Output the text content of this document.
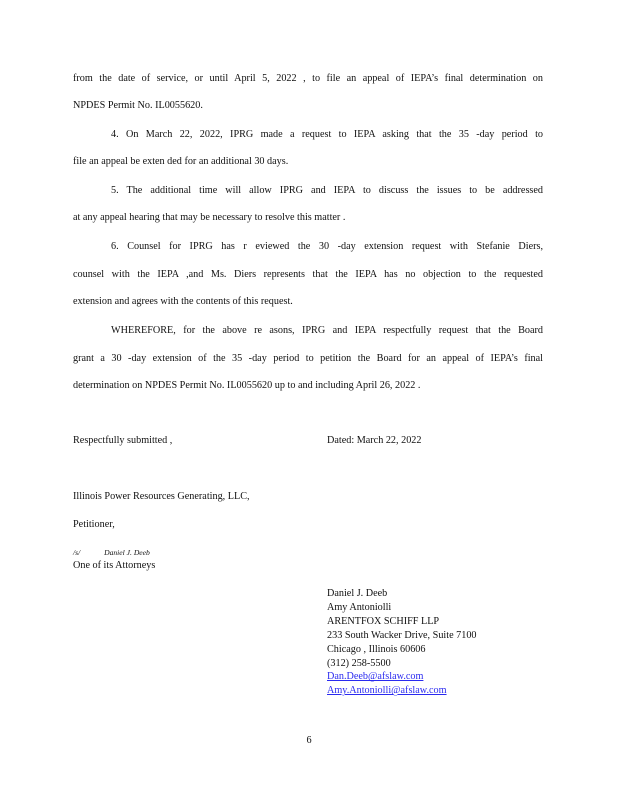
from the date of service, or until April 5, 2022 , to file an appeal of IEPA’s final determination on
NPDES Permit No. IL0055620.
4. On March 22, 2022, IPRG made a request to IEPA asking that the 35 -day period to
file an appeal be exten ded for an additional 30 days.
5. The additional time will allow IPRG and IEPA to discuss the issues to be addressed
at any appeal hearing that may be necessary to resolve this matter .
6. Counsel for IPRG has r eviewed the 30 -day extension request with Stefanie Diers,
counsel with the IEPA ,and Ms. Diers represents that the IEPA has no objection to the requested
extension and agrees with the contents of this request.
WHEREFORE, for the above re asons, IPRG and IEPA respectfully request that the Board
grant a 30 -day extension of the 35 -day period to petition the Board for an appeal of IEPA’s final
determination on NPDES Permit No. IL0055620 up to and including April 26, 2022 .
Respectfully submitted ,	Dated: March 22, 2022
Illinois Power Resources Generating, LLC,
Petitioner,
/s/	Daniel J. Deeb
One of its Attorneys
Daniel J. Deeb
Amy Antoniolli
ARENTFOX SCHIFF LLP
233 South Wacker Drive, Suite 7100
Chicago , Illinois 60606
(312) 258-5500
Dan.Deeb@afslaw.com
Amy.Antoniolli@afslaw.com
6
